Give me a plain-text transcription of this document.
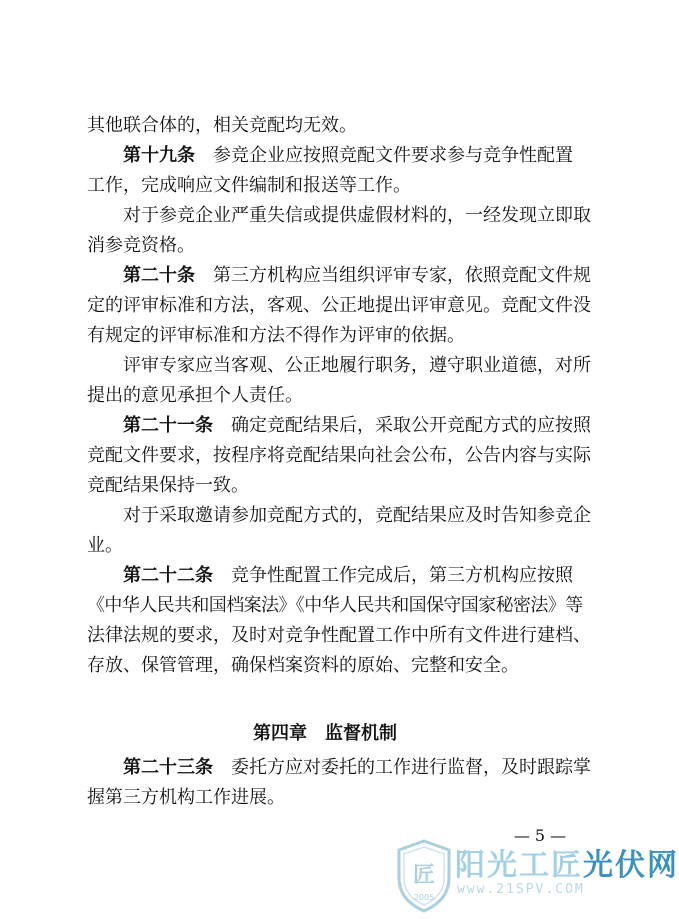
其他联合体的，相关竞配均无效。
第十九条　参竞企业应按照竞配文件要求参与竞争性配置
工作，完成响应文件编制和报送等工作。
　　对于参竞企业严重失信或提供虚假材料的，一经发现立即取
消参竞资格。
第二十条　第三方机构应当组织评审专家，依照竞配文件规
定的评审标准和方法，客观、公正地提出评审意见。竞配文件没
有规定的评审标准和方法不得作为评审的依据。
　　评审专家应当客观、公正地履行职务，遵守职业道德，对所
提出的意见承担个人责任。
第二十一条　确定竞配结果后，采取公开竞配方式的应按照
竞配文件要求，按程序将竞配结果向社会公布，公告内容与实际
竞配结果保持一致。
　　对于采取邀请参加竞配方式的，竞配结果应及时告知参竞企
业。
第二十二条　竞争性配置工作完成后，第三方机构应按照
《中华人民共和国档案法》《中华人民共和国保守国家秘密法》等
法律法规的要求，及时对竞争性配置工作中所有文件进行建档、
存放、保管管理，确保档案资料的原始、完整和安全。
第四章　监督机制
第二十三条　委托方应对委托的工作进行监督，及时跟踪掌
握第三方机构工作进展。
— 5 —
匠
2005
阳光工匠光伏网
www.21SPV.COM
